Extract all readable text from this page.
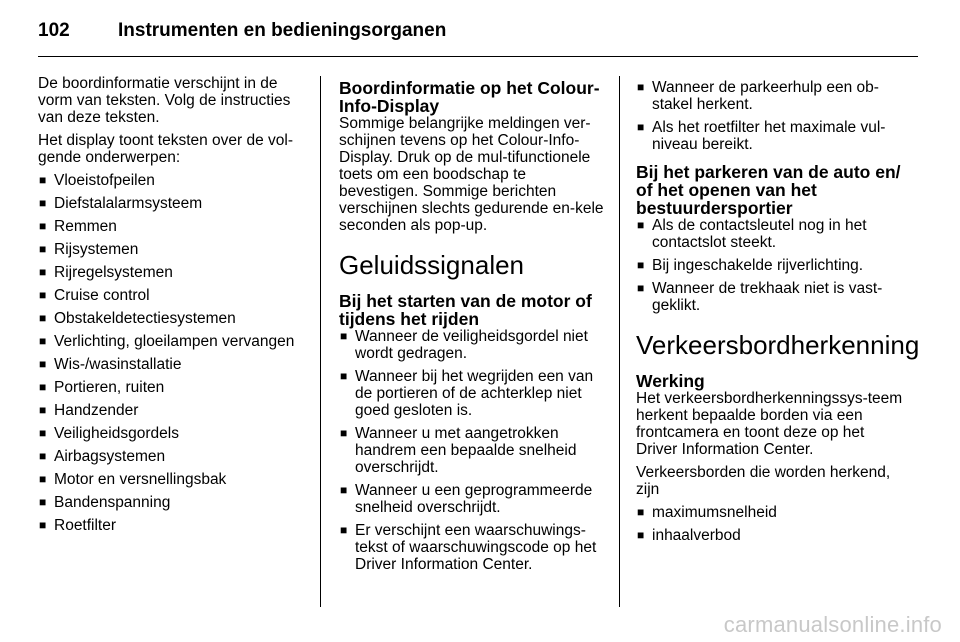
102	Instrumenten en bedieningsorganen

De boordinformatie verschijnt in de vorm van teksten. Volg de instructies van deze teksten.

Het display toont teksten over de vol-gende onderwerpen:

■ Vloeistofpeilen
■ Diefstalalarmsysteem
■ Remmen
■ Rijsystemen
■ Rijregelsystemen
■ Cruise control
■ Obstakeldetectiesystemen
■ Verlichting, gloeilampen vervangen
■ Wis-/wasinstallatie
■ Portieren, ruiten
■ Handzender
■ Veiligheidsgordels
■ Airbagsystemen
■ Motor en versnellingsbak
■ Bandenspanning
■ Roetfilter
Boordinformatie op het Colour-Info-Display

Sommige belangrijke meldingen ver-schijnen tevens op het Colour-Info-Display. Druk op de mul-tifunctionele toets om een boodschap te bevestigen. Sommige berichten verschijnen slechts gedurende en-kele seconden als pop-up.

Geluidssignalen
Bij het starten van de motor of tijdens het rijden
■ Wanneer de veiligheidsgordel niet wordt gedragen.
■ Wanneer bij het wegrijden een van de portieren of de achterklep niet goed gesloten is.
■ Wanneer u met aangetrokken handrem een bepaalde snelheid overschrijdt.
■ Wanneer u een geprogrammeerde snelheid overschrijdt.
■ Er verschijnt een waarschuwings-tekst of waarschuwingscode op het Driver Information Center.
■ Wanneer de parkeerhulp een ob-stakel herkent.
■ Als het roetfilter het maximale vul-niveau bereikt.
Bij het parkeren van de auto en/ of het openen van het bestuurdersportier
■ Als de contactsleutel nog in het contactslot steekt.
■ Bij ingeschakelde rijverlichting.
■ Wanneer de trekhaak niet is vast-geklikt.
Verkeersbordherkenning
Werking

Het verkeersbordherkenningssys-teem herkent bepaalde borden via een frontcamera en toont deze op het Driver Information Center.

Verkeersborden die worden herkend, zijn

■ maximumsnelheid
■ inhaalverbod
carmanualsonline.info
